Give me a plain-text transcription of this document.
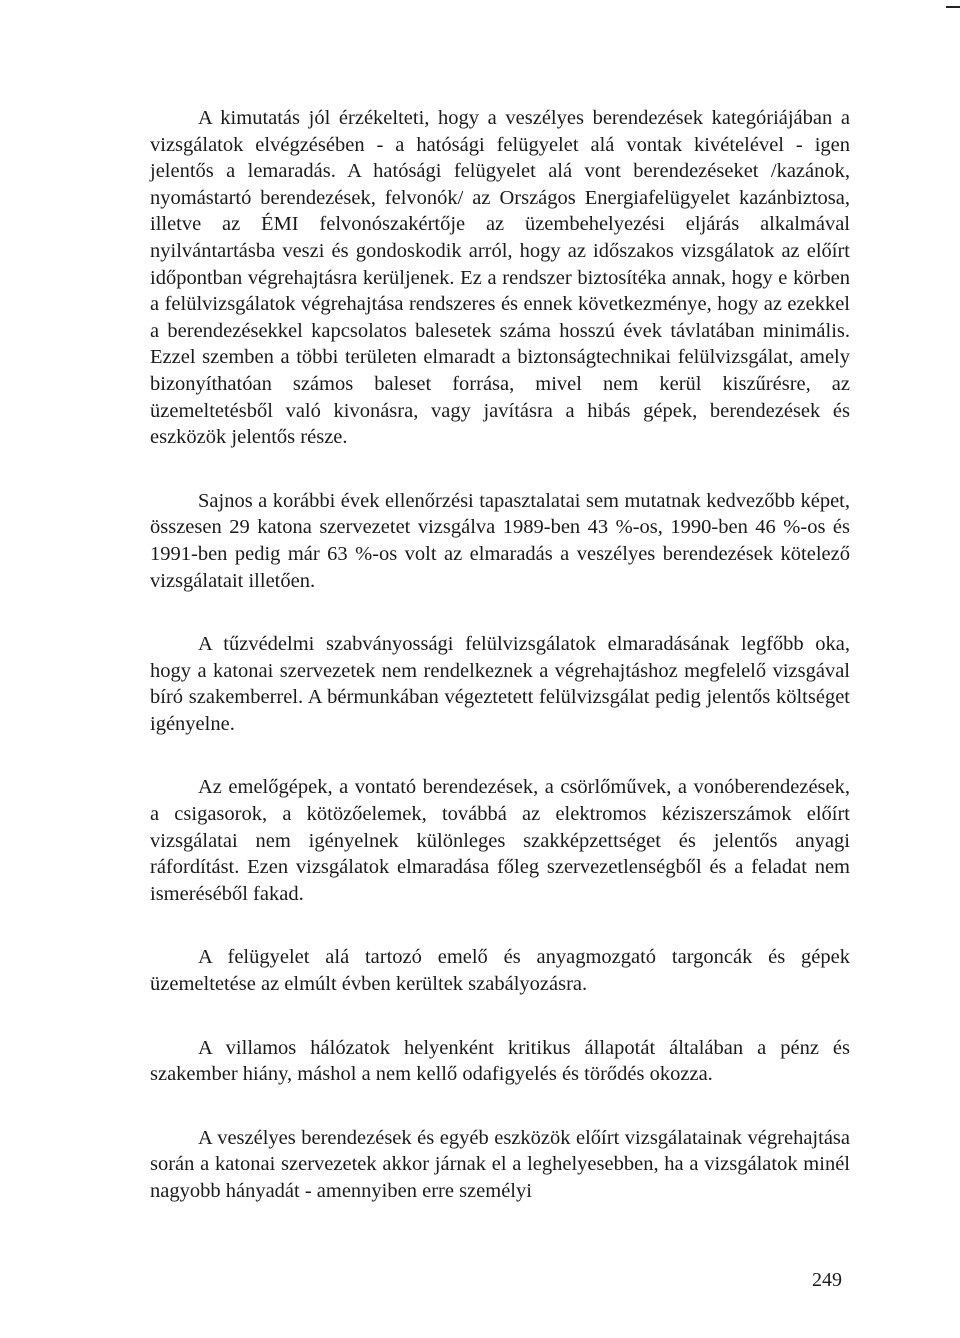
A kimutatás jól érzékelteti, hogy a veszélyes berendezések kategóriájában a vizsgálatok elvégzésében - a hatósági felügyelet alá vontak kivételével - igen jelentős a lemaradás. A hatósági felügyelet alá vont berendezéseket /kazánok, nyomástartó berendezések, felvonók/ az Országos Energiafelügyelet kazánbiztosa, illetve az ÉMI felvonószakértője az üzembehelyezési eljárás alkalmával nyilvántartásba veszi és gondoskodik arról, hogy az időszakos vizsgálatok az előírt időpontban végrehajtásra kerüljenek. Ez a rendszer biztosítéka annak, hogy e körben a felülvizsgálatok végrehajtása rendszeres és ennek következménye, hogy az ezekkel a berendezésekkel kapcsolatos balesetek száma hosszú évek távlatában minimális. Ezzel szemben a többi területen elmaradt a biztonságtechnikai felülvizsgálat, amely bizonyíthatóan számos baleset forrása, mivel nem kerül kiszűrésre, az üzemeltetésből való kivonásra, vagy javításra a hibás gépek, berendezések és eszközök jelentős része.

Sajnos a korábbi évek ellenőrzési tapasztalatai sem mutatnak kedvezőbb képet, összesen 29 katona szervezetet vizsgálva 1989-ben 43 %-os, 1990-ben 46 %-os és 1991-ben pedig már 63 %-os volt az elmaradás a veszélyes berendezések kötelező vizsgálatait illetően.

A tűzvédelmi szabványossági felülvizsgálatok elmaradásának legfőbb oka, hogy a katonai szervezetek nem rendelkeznek a végrehajtáshoz megfelelő vizsgával bíró szakemberrel. A bérmunkában végeztetett felülvizsgálat pedig jelentős költséget igényelne.

Az emelőgépek, a vontató berendezések, a csörlőművek, a vonóberendezések, a csigasorok, a kötözőelemek, továbbá az elektromos kéziszerszámok előírt vizsgálatai nem igényelnek különleges szakképzettséget és jelentős anyagi ráfordítást. Ezen vizsgálatok elmaradása főleg szervezetlenségből és a feladat nem ismeréséből fakad.

A felügyelet alá tartozó emelő és anyagmozgató targoncák és gépek üzemeltetése az elmúlt évben kerültek szabályozásra.

A villamos hálózatok helyenként kritikus állapotát általában a pénz és szakember hiány, máshol a nem kellő odafigyelés és törődés okozza.

A veszélyes berendezések és egyéb eszközök előírt vizsgálatainak végrehajtása során a katonai szervezetek akkor járnak el a leghelyesebben, ha a vizsgálatok minél nagyobb hányadát - amennyiben erre személyi

249
